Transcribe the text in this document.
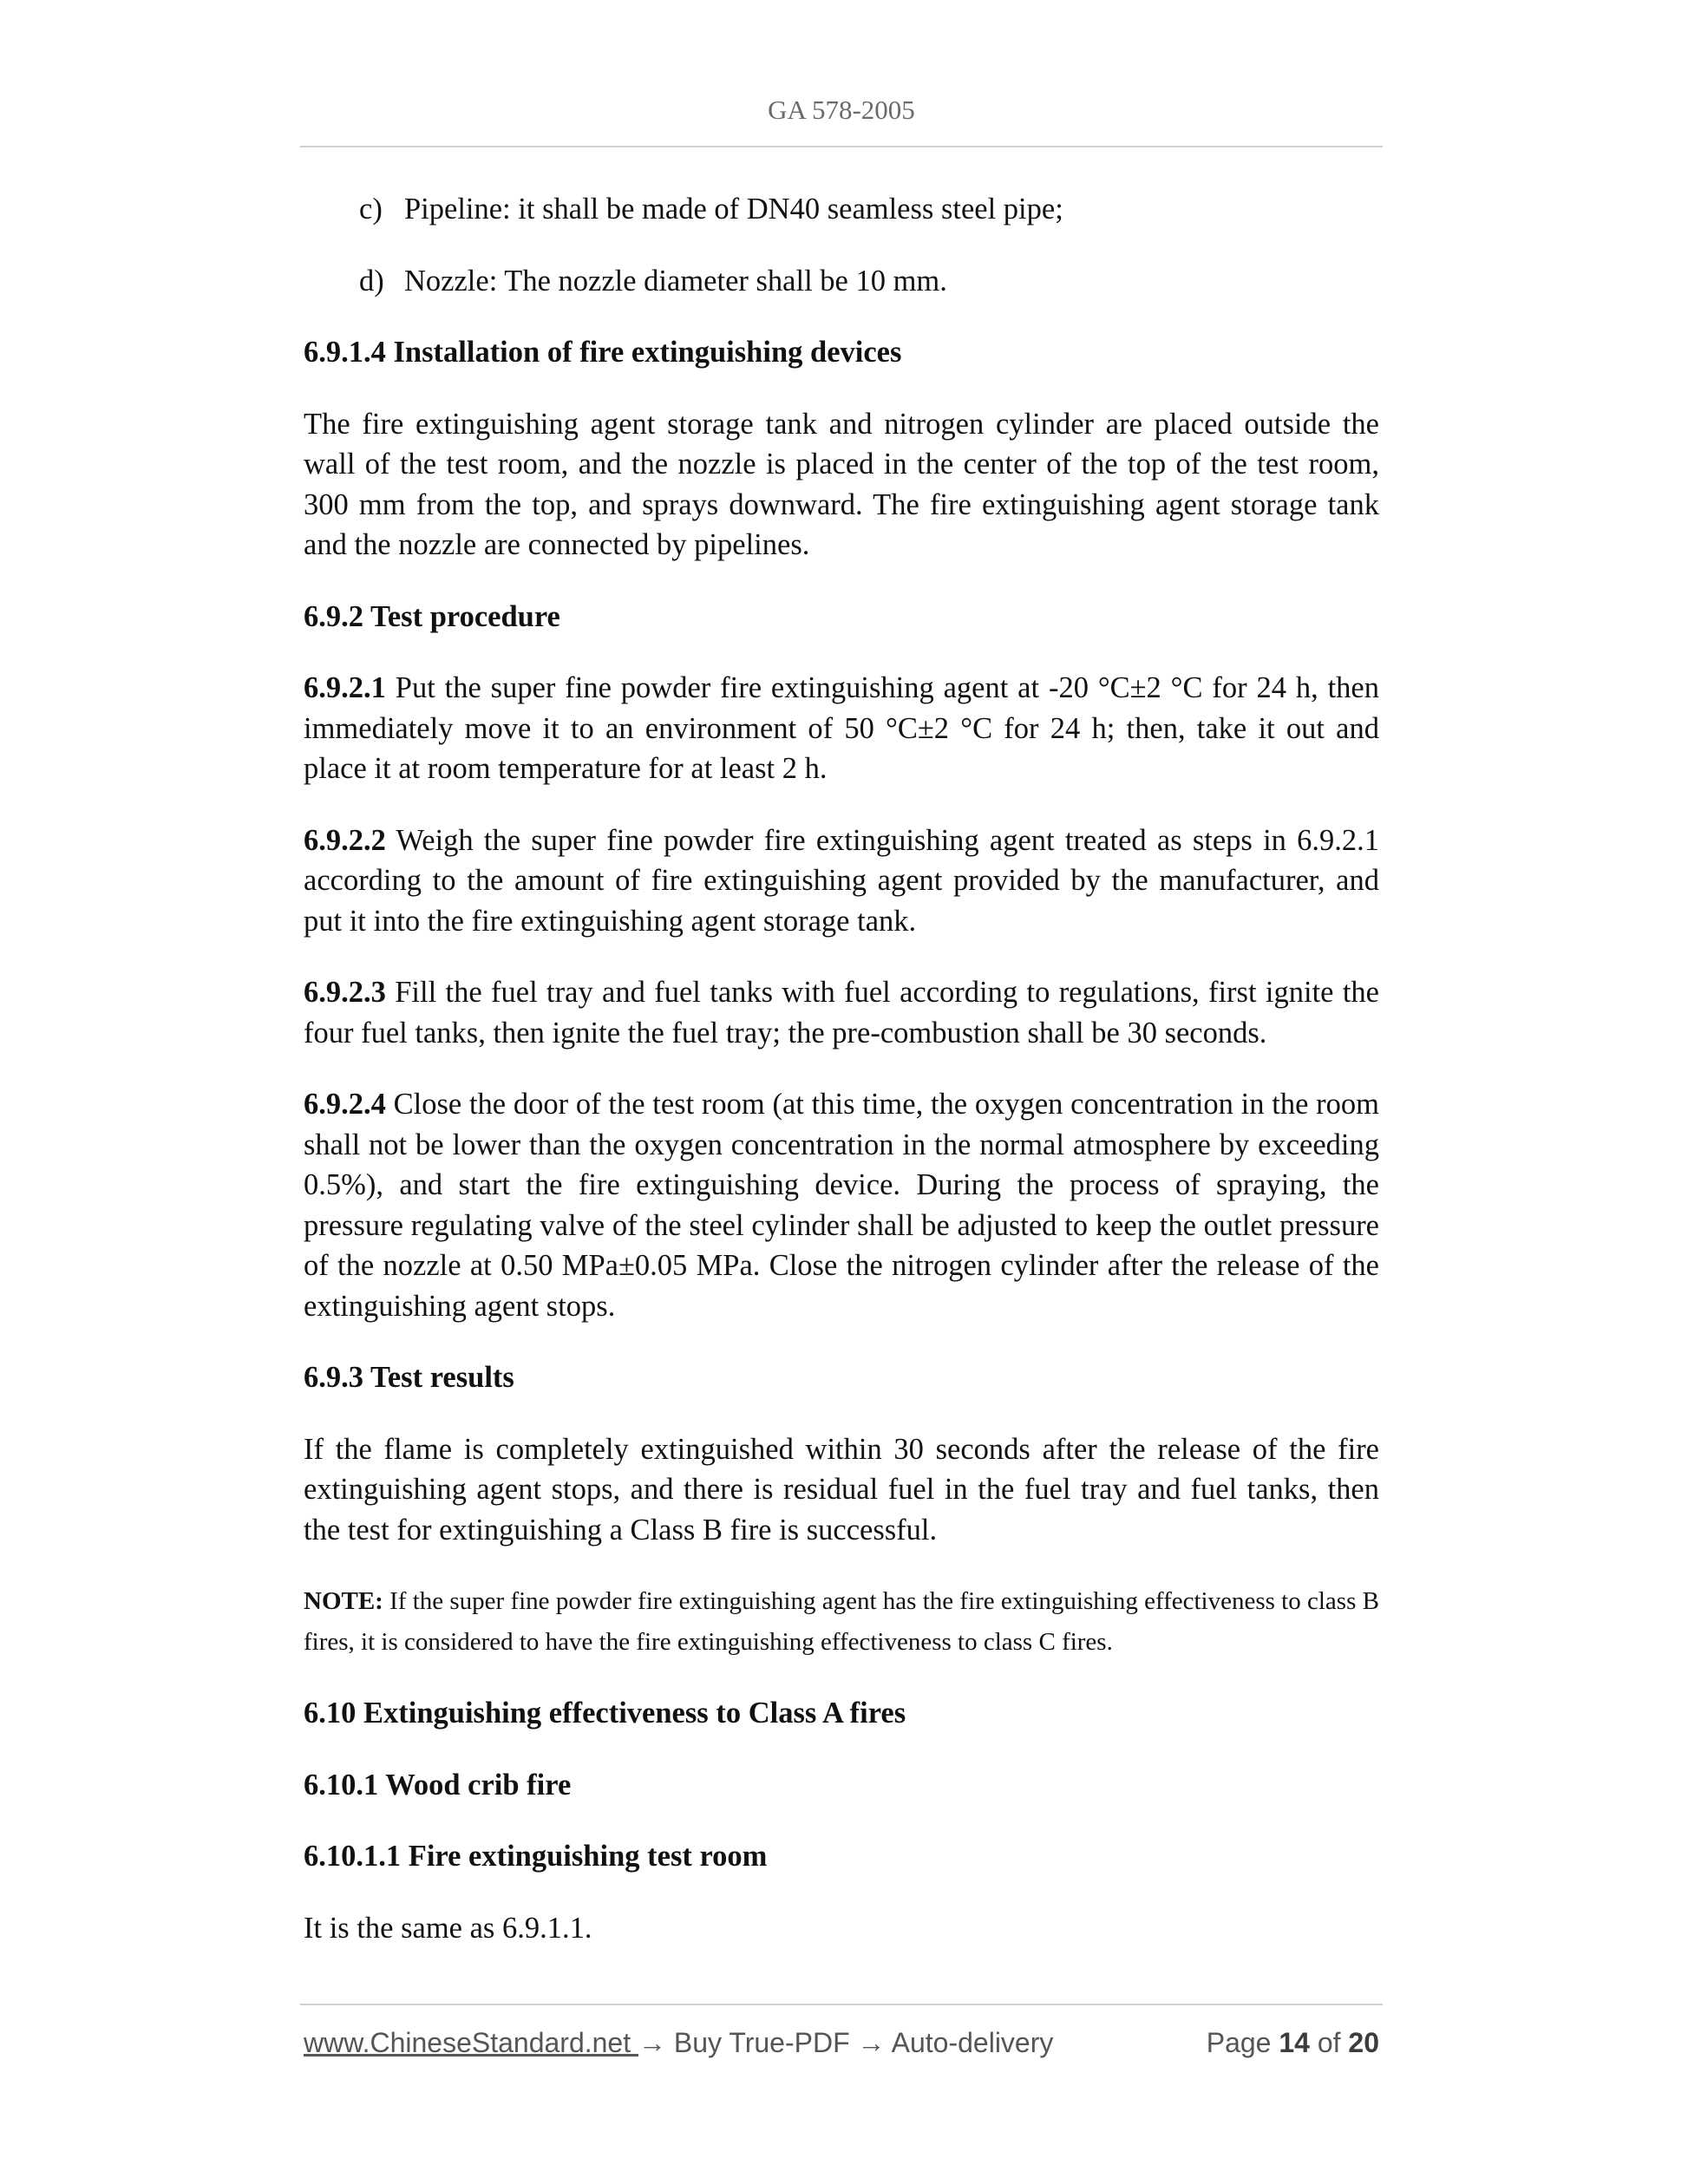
GA 578-2005
c) Pipeline: it shall be made of DN40 seamless steel pipe;
d) Nozzle: The nozzle diameter shall be 10 mm.
6.9.1.4 Installation of fire extinguishing devices
The fire extinguishing agent storage tank and nitrogen cylinder are placed outside the wall of the test room, and the nozzle is placed in the center of the top of the test room, 300 mm from the top, and sprays downward. The fire extinguishing agent storage tank and the nozzle are connected by pipelines.
6.9.2 Test procedure
6.9.2.1 Put the super fine powder fire extinguishing agent at -20 °C±2 °C for 24 h, then immediately move it to an environment of 50 °C±2 °C for 24 h; then, take it out and place it at room temperature for at least 2 h.
6.9.2.2 Weigh the super fine powder fire extinguishing agent treated as steps in 6.9.2.1 according to the amount of fire extinguishing agent provided by the manufacturer, and put it into the fire extinguishing agent storage tank.
6.9.2.3 Fill the fuel tray and fuel tanks with fuel according to regulations, first ignite the four fuel tanks, then ignite the fuel tray; the pre-combustion shall be 30 seconds.
6.9.2.4 Close the door of the test room (at this time, the oxygen concentration in the room shall not be lower than the oxygen concentration in the normal atmosphere by exceeding 0.5%), and start the fire extinguishing device. During the process of spraying, the pressure regulating valve of the steel cylinder shall be adjusted to keep the outlet pressure of the nozzle at 0.50 MPa±0.05 MPa. Close the nitrogen cylinder after the release of the extinguishing agent stops.
6.9.3 Test results
If the flame is completely extinguished within 30 seconds after the release of the fire extinguishing agent stops, and there is residual fuel in the fuel tray and fuel tanks, then the test for extinguishing a Class B fire is successful.
NOTE: If the super fine powder fire extinguishing agent has the fire extinguishing effectiveness to class B fires, it is considered to have the fire extinguishing effectiveness to class C fires.
6.10 Extinguishing effectiveness to Class A fires
6.10.1 Wood crib fire
6.10.1.1 Fire extinguishing test room
It is the same as 6.9.1.1.
www.ChineseStandard.net → Buy True-PDF → Auto-delivery	Page 14 of 20
